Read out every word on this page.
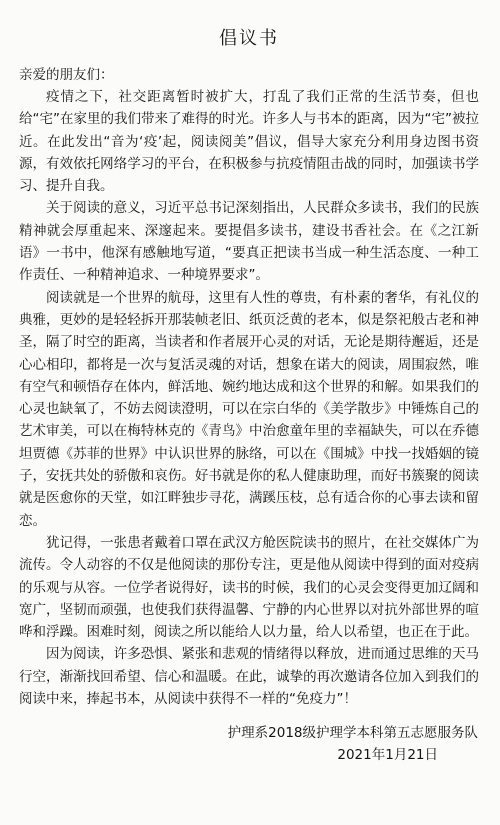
倡议书

亲爱的朋友们：

疫情之下，社交距离暂时被扩大，打乱了我们正常的生活节奏，但也给“宅”在家里的我们带来了难得的时光。许多人与书本的距离，因为“宅”被拉近。在此发出“音为‘疫’起，阅读阅美”倡议，倡导大家充分利用身边图书资源，有效依托网络学习的平台，在积极参与抗疫情阻击战的同时，加强读书学习、提升自我。

关于阅读的意义，习近平总书记深刻指出，人民群众多读书，我们的民族精神就会厚重起来、深邃起来。要提倡多读书，建设书香社会。在《之江新语》一书中，他深有感触地写道，“要真正把读书当成一种生活态度、一种工作责任、一种精神追求、一种境界要求”。

阅读就是一个世界的航母，这里有人性的尊贵，有朴素的奢华，有礼仪的典雅，更妙的是轻轻拆开那装帧老旧、纸页泛黄的老本，似是祭祀般古老和神圣，隔了时空的距离，当读者和作者展开心灵的对话，无论是期待邂逅，还是心心相印，都将是一次与复活灵魂的对话，想象在诺大的阅读，周围寂然，唯有空气和顿悟存在体内，鲜活地、婉约地达成和这个世界的和解。如果我们的心灵也缺氧了，不妨去阅读澄明，可以在宗白华的《美学散步》中锤炼自己的艺术审美，可以在梅特林克的《青鸟》中治愈童年里的幸福缺失，可以在乔德坦贾德《苏菲的世界》中认识世界的脉络，可以在《围城》中找一找婚姻的镜子，安抚共处的骄傲和哀伤。好书就是你的私人健康助理，而好书簇聚的阅读就是医愈你的天堂，如江畔独步寻花，满蹊压枝，总有适合你的心事去读和留恋。

犹记得，一张患者戴着口罩在武汉方舱医院读书的照片，在社交媒体广为流传。令人动容的不仅是他阅读的那份专注，更是他从阅读中得到的面对疫病的乐观与从容。一位学者说得好，读书的时候，我们的心灵会变得更加辽阔和宽广，坚韧而顽强，也使我们获得温馨、宁静的内心世界以对抗外部世界的喧哗和浮躁。困难时刻，阅读之所以能给人以力量，给人以希望，也正在于此。

因为阅读，许多恐惧、紧张和悲观的情绪得以释放，进而通过思维的天马行空，渐渐找回希望、信心和温暖。在此，诚挚的再次邀请各位加入到我们的阅读中来，捧起书本，从阅读中获得不一样的“免疫力”！

护理系2018级护理学本科第五志愿服务队
2021年1月21日
